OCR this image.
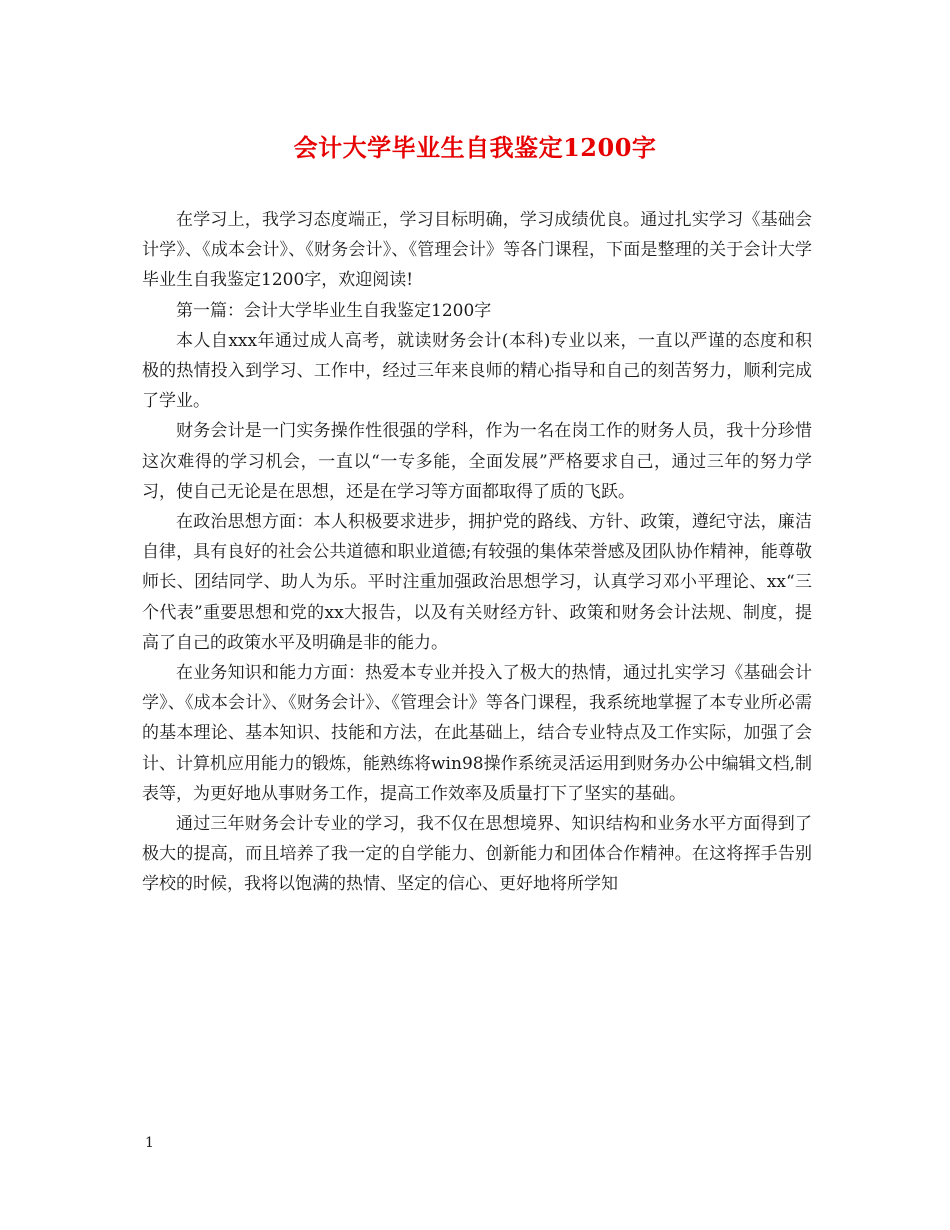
会计大学毕业生自我鉴定1200字

在学习上，我学习态度端正，学习目标明确，学习成绩优良。通过扎实学习《基础会计学》、《成本会计》、《财务会计》、《管理会计》等各门课程，下面是整理的关于会计大学毕业生自我鉴定1200字，欢迎阅读!

第一篇：会计大学毕业生自我鉴定1200字

本人自xxx年通过成人高考，就读财务会计(本科)专业以来，一直以严谨的态度和积极的热情投入到学习、工作中，经过三年来良师的精心指导和自己的刻苦努力，顺利完成了学业。

财务会计是一门实务操作性很强的学科，作为一名在岗工作的财务人员，我十分珍惜这次难得的学习机会，一直以“一专多能，全面发展”严格要求自己，通过三年的努力学习，使自己无论是在思想，还是在学习等方面都取得了质的飞跃。

在政治思想方面：本人积极要求进步，拥护党的路线、方针、政策，遵纪守法，廉洁自律，具有良好的社会公共道德和职业道德;有较强的集体荣誉感及团队协作精神，能尊敬师长、团结同学、助人为乐。平时注重加强政治思想学习，认真学习邓小平理论、xx“三个代表”重要思想和党的xx大报告，以及有关财经方针、政策和财务会计法规、制度，提高了自己的政策水平及明确是非的能力。

在业务知识和能力方面：热爱本专业并投入了极大的热情，通过扎实学习《基础会计学》、《成本会计》、《财务会计》、《管理会计》等各门课程，我系统地掌握了本专业所必需的基本理论、基本知识、技能和方法，在此基础上，结合专业特点及工作实际，加强了会计、计算机应用能力的锻炼，能熟练将win98操作系统灵活运用到财务办公中编辑文档,制表等，为更好地从事财务工作，提高工作效率及质量打下了坚实的基础。

通过三年财务会计专业的学习，我不仅在思想境界、知识结构和业务水平方面得到了极大的提高，而且培养了我一定的自学能力、创新能力和团体合作精神。在这将挥手告别学校的时候，我将以饱满的热情、坚定的信心、更好地将所学知

1
